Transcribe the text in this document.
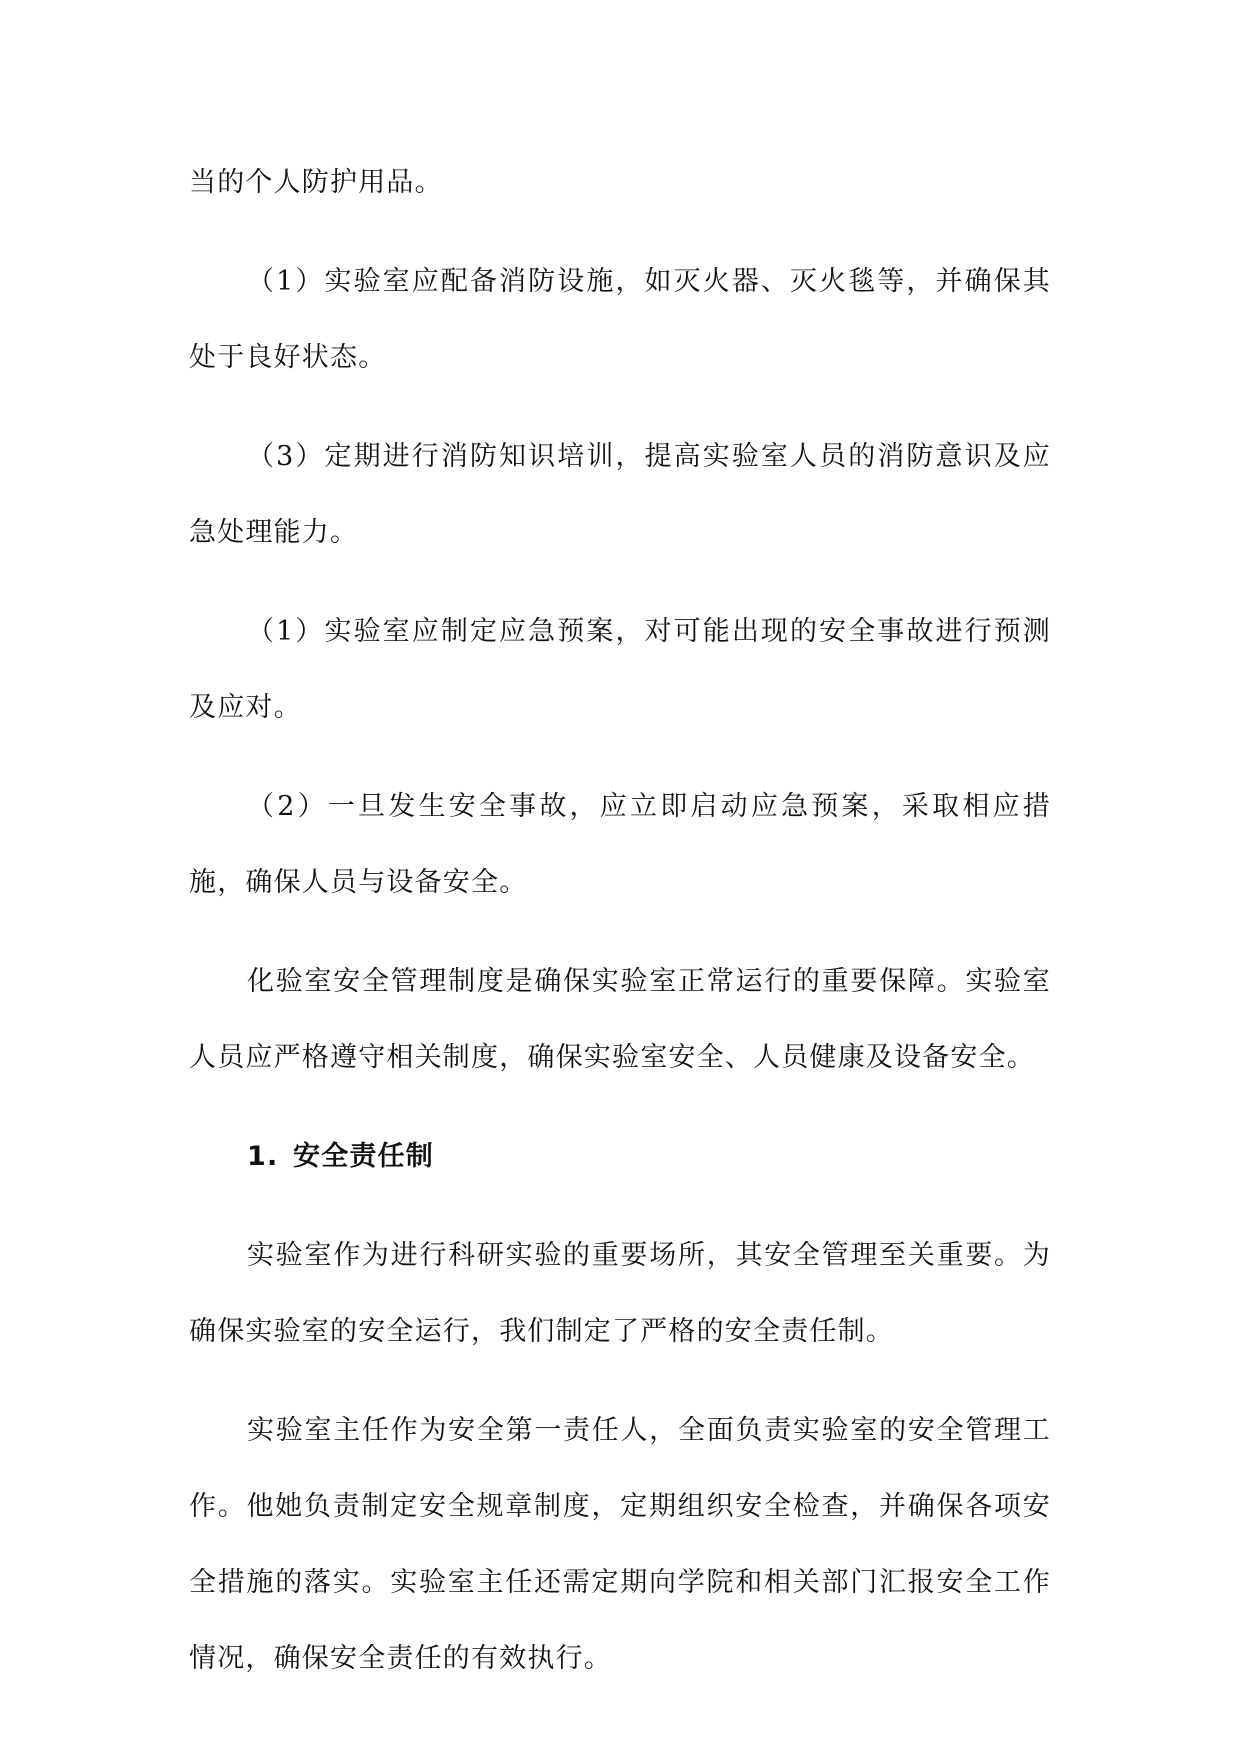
当的个人防护用品。

（1）实验室应配备消防设施，如灭火器、灭火毯等，并确保其处于良好状态。

（3）定期进行消防知识培训，提高实验室人员的消防意识及应急处理能力。

（1）实验室应制定应急预案，对可能出现的安全事故进行预测及应对。

（2）一旦发生安全事故，应立即启动应急预案，采取相应措施，确保人员与设备安全。

化验室安全管理制度是确保实验室正常运行的重要保障。实验室人员应严格遵守相关制度，确保实验室安全、人员健康及设备安全。

1. 安全责任制

实验室作为进行科研实验的重要场所，其安全管理至关重要。为确保实验室的安全运行，我们制定了严格的安全责任制。

实验室主任作为安全第一责任人，全面负责实验室的安全管理工作。他她负责制定安全规章制度，定期组织安全检查，并确保各项安全措施的落实。实验室主任还需定期向学院和相关部门汇报安全工作情况，确保安全责任的有效执行。
